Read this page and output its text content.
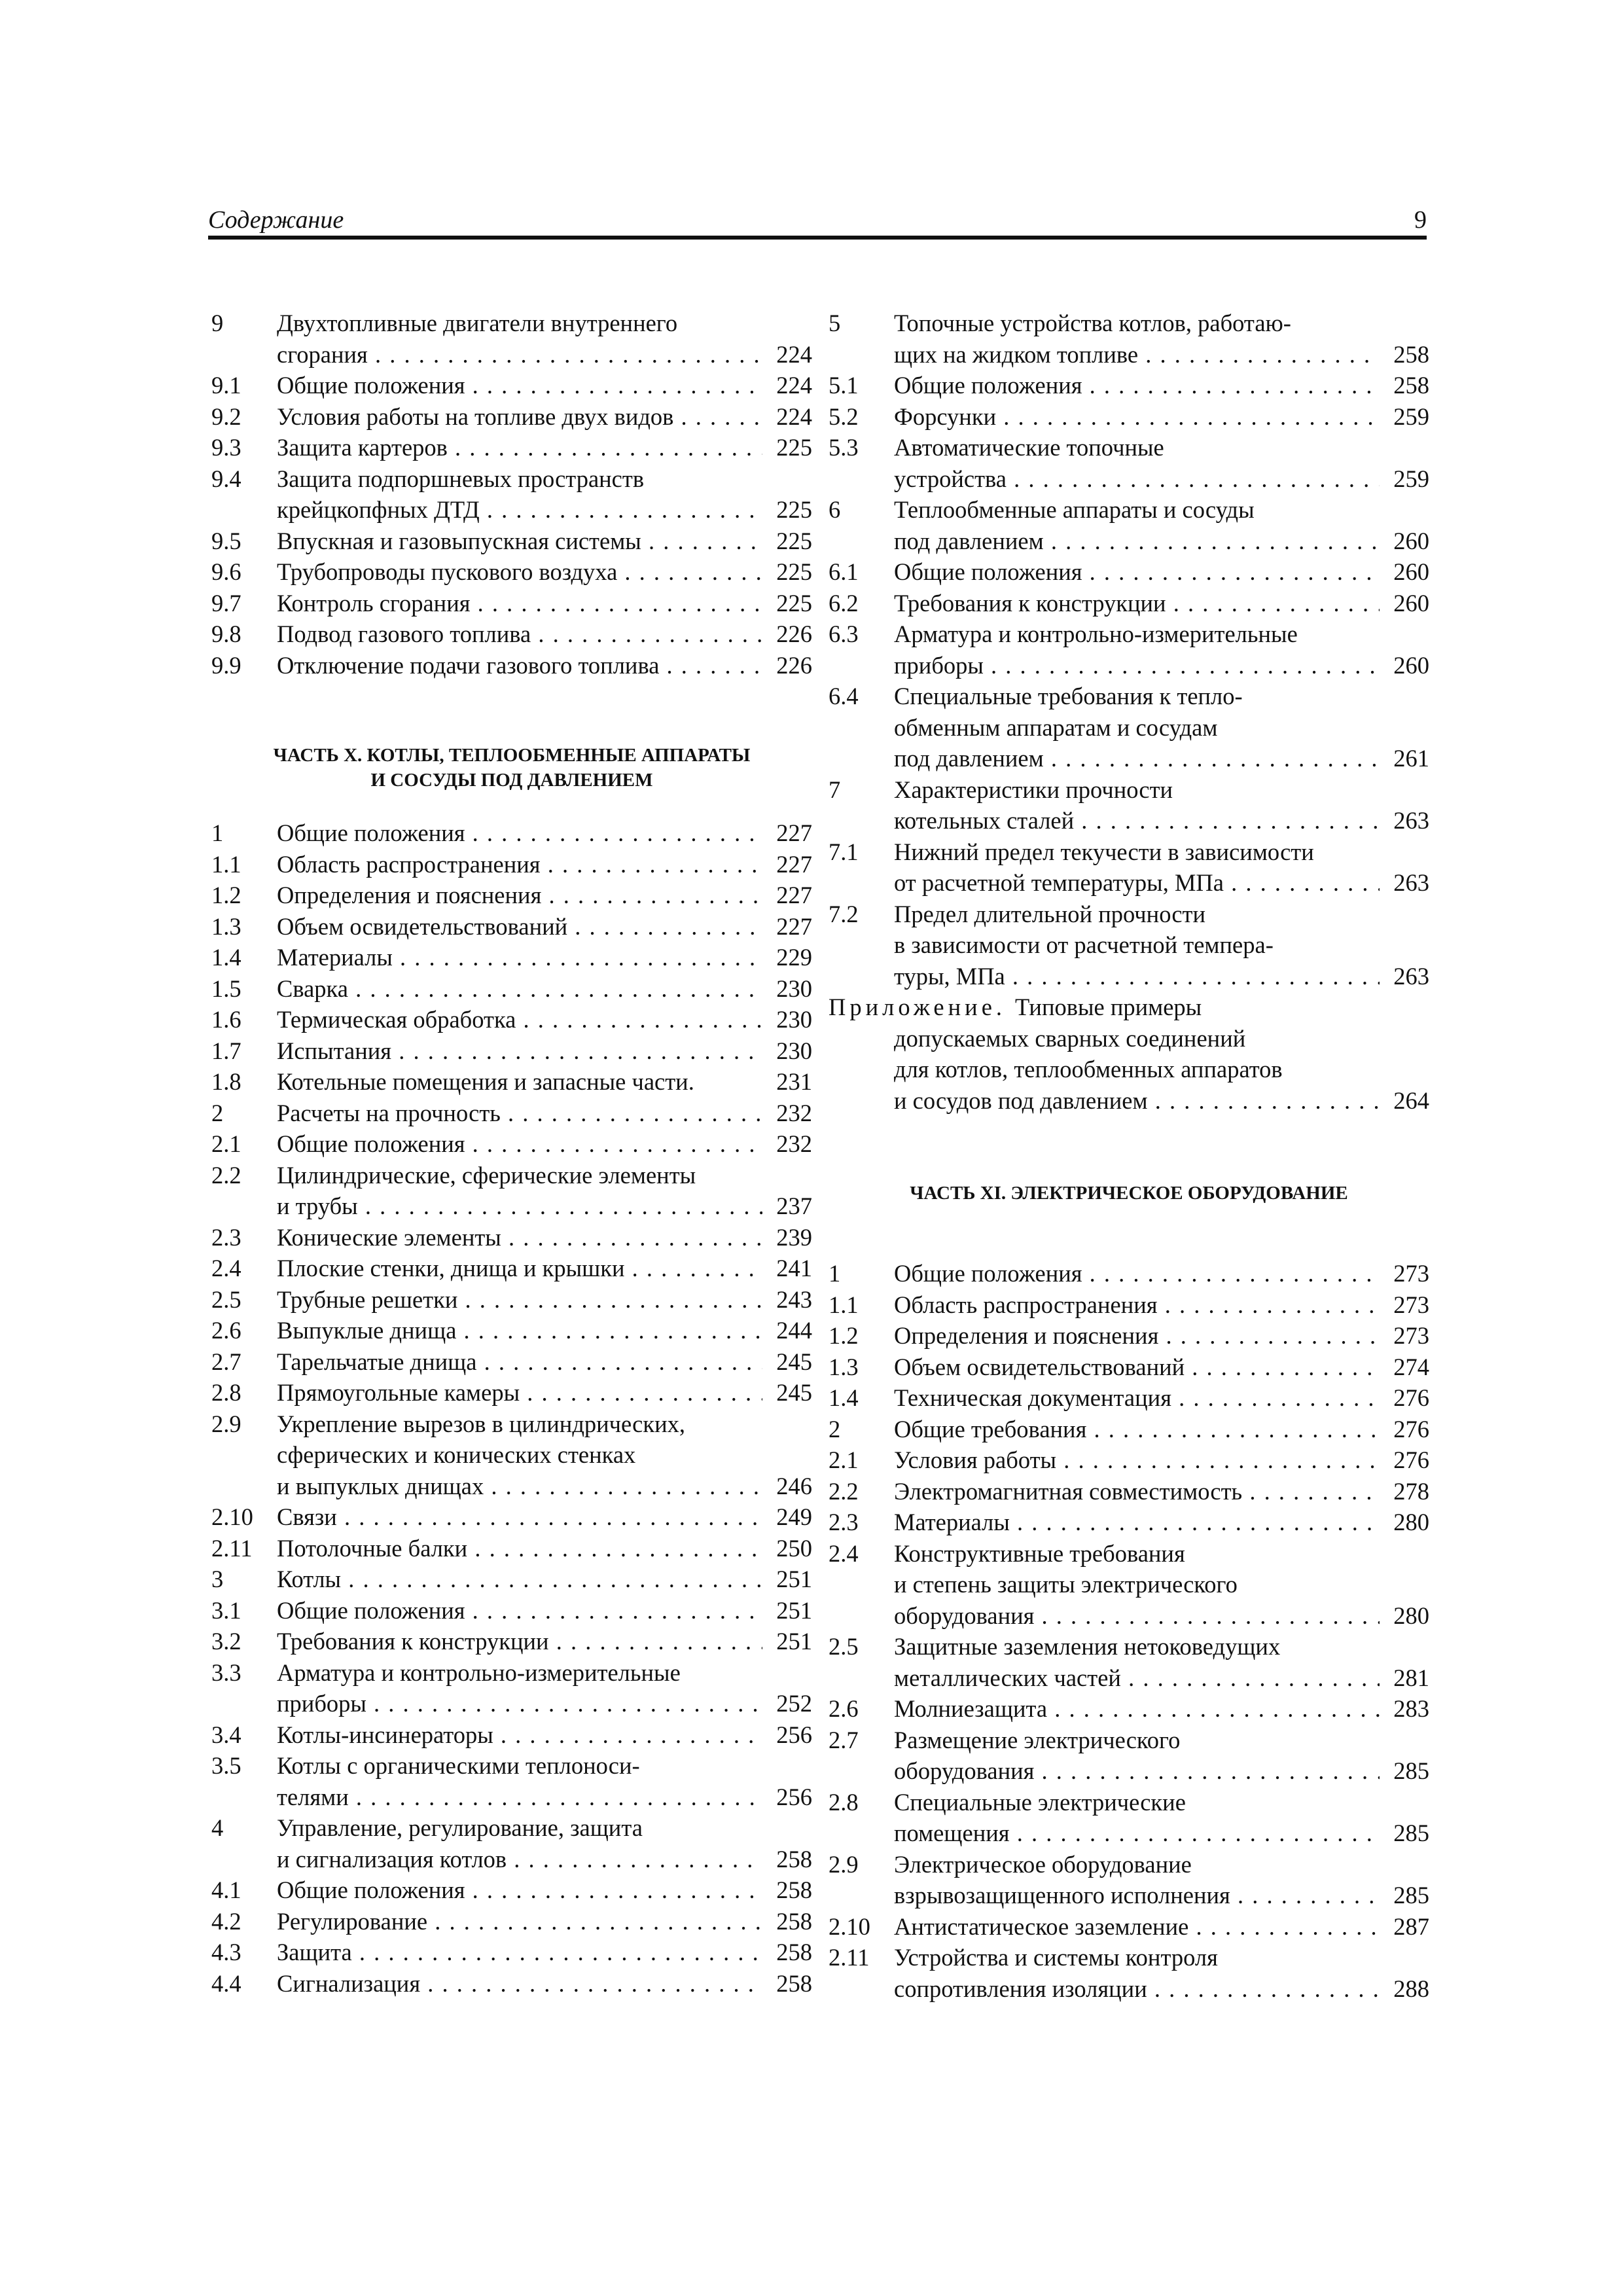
Содержание	9
9	Двухтопливные двигатели внутреннего
сгорания . . .	224
9.1	Общие положения . . .	224
9.2	Условия работы на топливе двух видов . . .	224
9.3	Защита картеров . . .	225
9.4	Защита подпоршневых пространств
крейцкопфных ДТД . . .	225
9.5	Впускная и газовыпускная системы . . .	225
9.6	Трубопроводы пускового воздуха . . .	225
9.7	Контроль сгорания . . .	225
9.8	Подвод газового топлива . . .	226
9.9	Отключение подачи газового топлива . . .	226
ЧАСТЬ X. КОТЛЫ, ТЕПЛООБМЕННЫЕ АППАРАТЫ
И СОСУДЫ ПОД ДАВЛЕНИЕМ
1	Общие положения . . .	227
1.1	Область распространения . . .	227
1.2	Определения и пояснения . . .	227
1.3	Объем освидетельствований . . .	227
1.4	Материалы . . .	229
1.5	Сварка . . .	230
1.6	Термическая обработка . . .	230
1.7	Испытания . . .	230
1.8	Котельные помещения и запасные части.	231
2	Расчеты на прочность . . .	232
2.1	Общие положения . . .	232
2.2	Цилиндрические, сферические элементы
и трубы . . .	237
2.3	Конические элементы . . .	239
2.4	Плоские стенки, днища и крышки . . .	241
2.5	Трубные решетки . . .	243
2.6	Выпуклые днища . . .	244
2.7	Тарельчатые днища . . .	245
2.8	Прямоугольные камеры . . .	245
2.9	Укрепление вырезов в цилиндрических,
сферических и конических стенках
и выпуклых днищах . . .	246
2.10 Связи . . .	249
2.11	Потолочные балки . . .	250
3	Котлы . . .	251
3.1	Общие положения . . .	251
3.2	Требования к конструкции . . .	251
3.3	Арматура и контрольно-измерительные
приборы . . .	252
3.4	Котлы-инсинераторы . . .	256
3.5	Котлы с органическими теплоноси-
телями . . .	256
4	Управление, регулирование, защита
и сигнализация котлов . . .	258
4.1	Общие положения . . .	258
4.2	Регулирование . . .	258
4.3	Защита . . .	258
4.4	Сигнализация . . .	258
5	Топочные устройства котлов, работаю-
щих на жидком топливе . . .	258
5.1	Общие положения . . .	258
5.2	Форсунки . . .	259
5.3	Автоматические топочные
устройства . . .	259
6	Теплообменные аппараты и сосуды
под давлением . . .	260
6.1	Общие положения . . .	260
6.2	Требования к конструкции . . .	260
6.3	Арматура и контрольно-измерительные
приборы . . .	260
6.4	Специальные требования к тепло-
обменным аппаратам и сосудам
под давлением . . .	261
7	Характеристики прочности
котельных сталей . . .	263
7.1	Нижний предел текучести в зависимости
от расчетной температуры, МПа . . .	263
7.2	Предел длительной прочности
в зависимости от расчетной темпера-
туры, МПа . . .	263
Приложение. Типовые примеры
допускаемых сварных соединений
для котлов, теплообменных аппаратов
и сосудов под давлением . . .	264
ЧАСТЬ XI. ЭЛЕКТРИЧЕСКОЕ ОБОРУДОВАНИЕ
1	Общие положения . . .	273
1.1	Область распространения . . .	273
1.2	Определения и пояснения . . .	273
1.3	Объем освидетельствований . . .	274
1.4	Техническая документация . . .	276
2	Общие требования . . .	276
2.1	Условия работы . . .	276
2.2	Электромагнитная совместимость . . .	278
2.3	Материалы . . .	280
2.4	Конструктивные требования
и степень защиты электрического
оборудования . . .	280
2.5	Защитные заземления нетоковедущих
металлических частей . . .	281
2.6	Молниезащита . . .	283
2.7	Размещение электрического
оборудования . . .	285
2.8	Специальные электрические
помещения . . .	285
2.9	Электрическое оборудование
взрывозащищенного исполнения . . .	285
2.10 Антистатическое заземление . . .	287
2.11	Устройства и системы контроля
сопротивления изоляции . . .	288
